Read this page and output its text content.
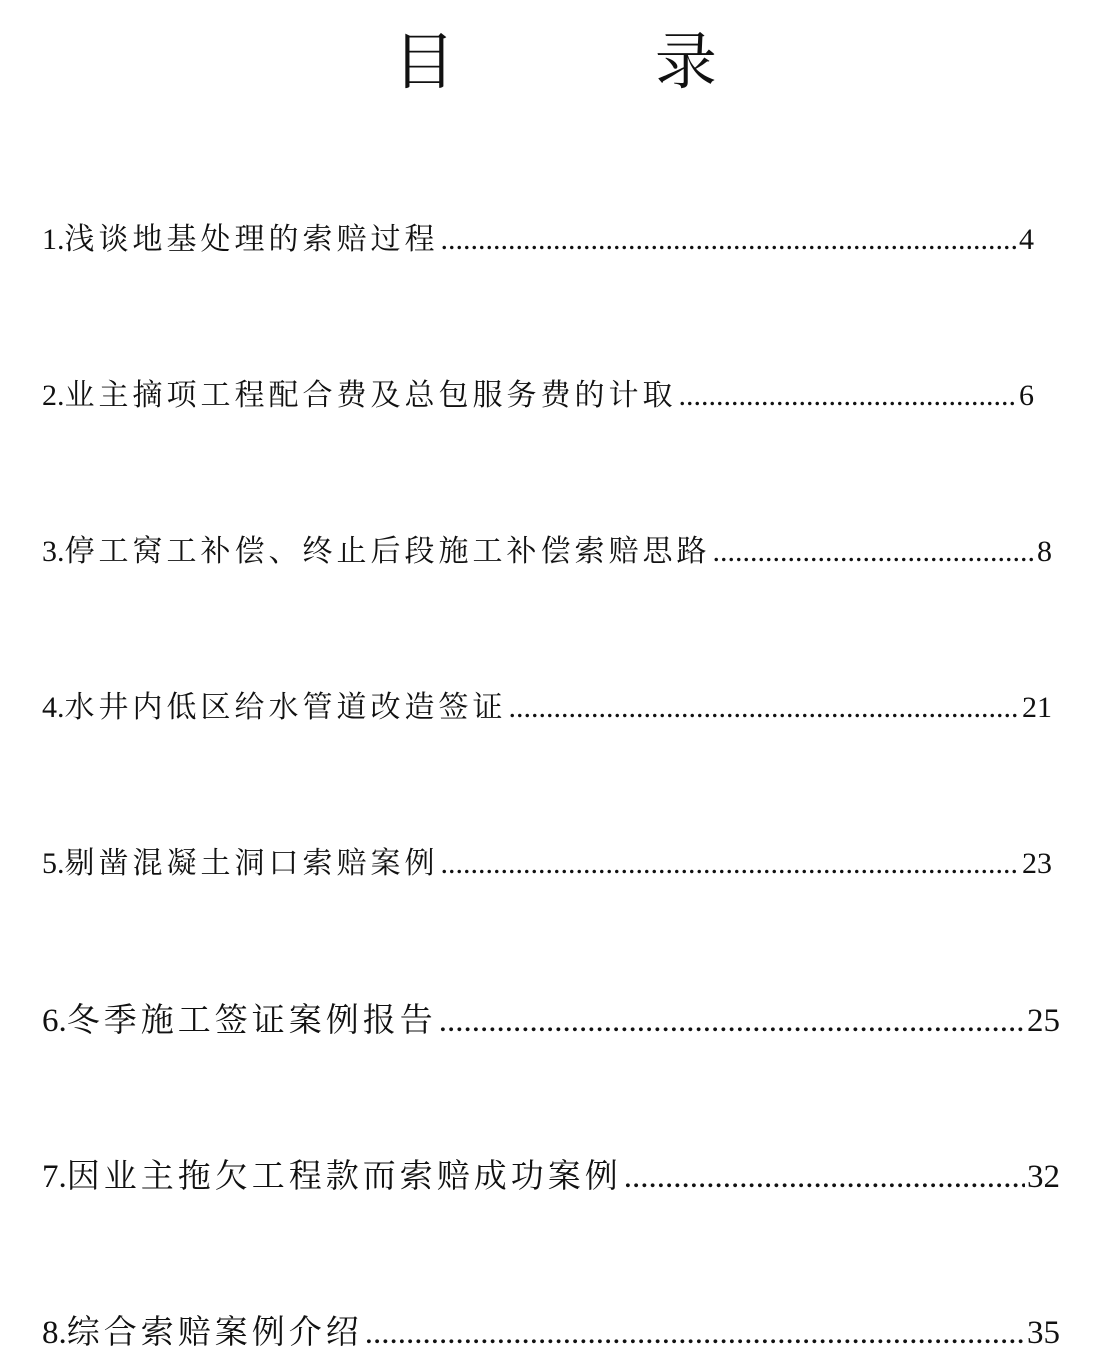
目 录
1. 浅谈地基处理的索赔过程 .....	4
2. 业主摘项工程配合费及总包服务费的计取 .....	6
3. 停工窝工补偿、终止后段施工补偿索赔思路 .....	8
4. 水井内低区给水管道改造签证 .....	21
5. 剔凿混凝土洞口索赔案例 .....	23
6. 冬季施工签证案例报告 .....	25
7. 因业主拖欠工程款而索赔成功案例 .....	32
8. 综合索赔案例介绍 .....	35
